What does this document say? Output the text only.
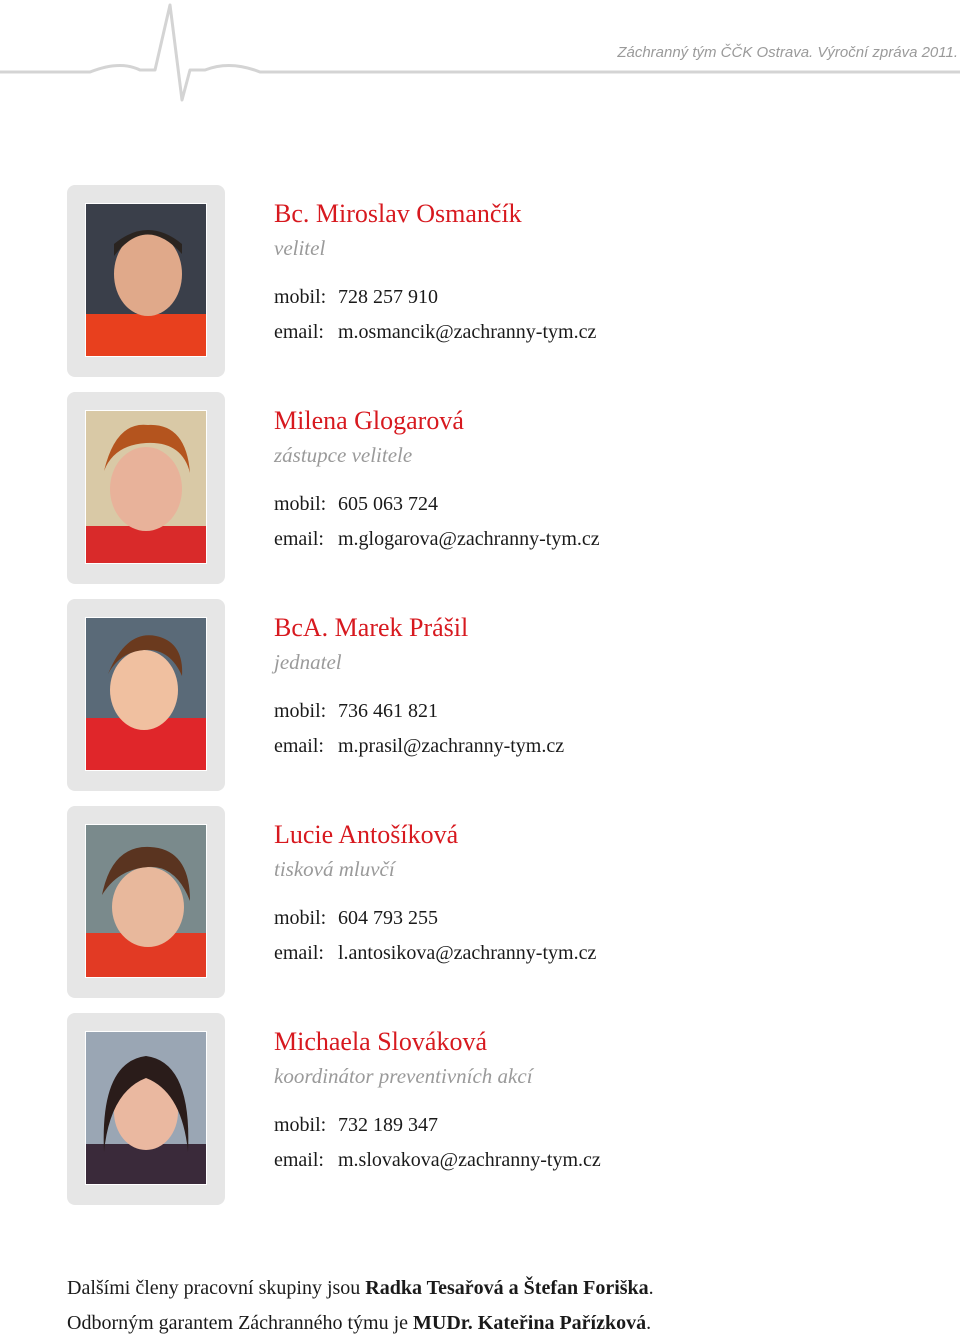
Záchranný tým ČČK Ostrava. Výroční zpráva 2011.
Bc. Miroslav Osmančík
velitel
mobil: 728 257 910
email: m.osmancik@zachranny-tym.cz
Milena Glogarová
zástupce velitele
mobil: 605 063 724
email: m.glogarova@zachranny-tym.cz
BcA. Marek Prášil
jednatel
mobil: 736 461 821
email: m.prasil@zachranny-tym.cz
Lucie Antošíková
tisková mluvčí
mobil: 604 793 255
email: l.antosikova@zachranny-tym.cz
Michaela Slováková
koordinátor preventivních akcí
mobil: 732 189 347
email: m.slovakova@zachranny-tym.cz
Dalšími členy pracovní skupiny jsou Radka Tesařová a Štefan Foriška.
Odborným garantem Záchranného týmu je MUDr. Kateřina Pařízková.
